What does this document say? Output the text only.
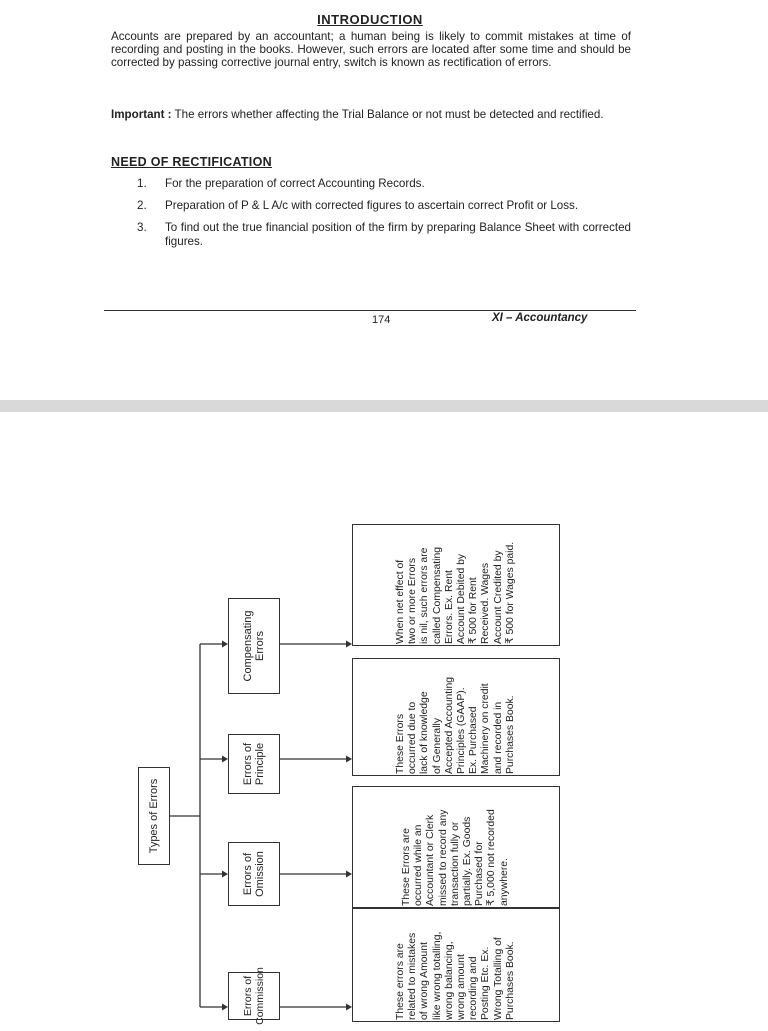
INTRODUCTION

Accounts are prepared by an accountant; a human being is likely to commit mistakes at time of recording and posting in the books. However, such errors are located after some time and should be corrected by passing corrective journal entry, switch is known as rectification of errors.

Important : The errors whether affecting the Trial Balance or not must be detected and rectified.

NEED OF RECTIFICATION
1. For the preparation of correct Accounting Records.
2. Preparation of P & L A/c with corrected figures to ascertain correct Profit or Loss.
3. To find out the true financial position of the firm by preparing Balance Sheet with corrected figures.
174	XI – Accountancy
Types of Errors
Compensating
Errors
Errors of
Principle
Errors of
Omission
Errors of
Commission
When net effect of
two or more Errors
is nil, such errors are
called Compensating
Errors. Ex. Rent
Account Debited by
₹ 500 for Rent
Received. Wages
Account Credited by
₹ 500 for Wages paid.
These Errors
occurred due to
lack of knowledge
of Generally
Accepted Accounting
Principles (GAAP).
Ex. Purchased
Machinery on credit
and recorded in
Purchases Book.
These Errors are
occurred while an
Accountant or Clerk
missed to record any
transaction fully or
partially. Ex. Goods
Purchased for
₹ 5,000 not recorded
anywhere.
These errors are
related to mistakes
of wrong Amount
like wrong totalling,
wrong balancing,
wrong amount
recording and
Posting Etc. Ex.
Wrong Totalling of
Purchases Book.
